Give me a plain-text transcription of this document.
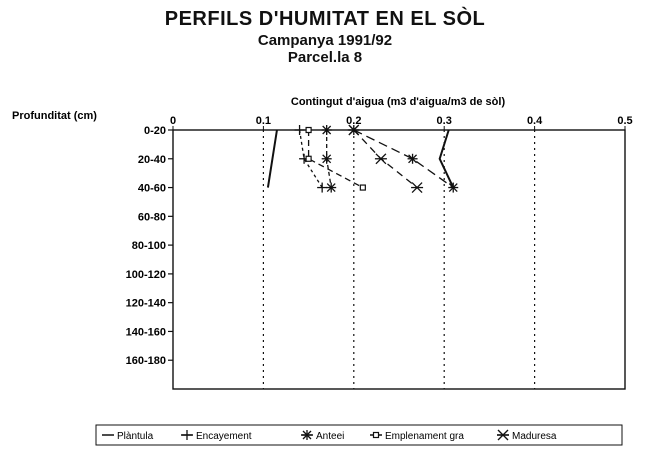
PERFILS D'HUMITAT EN EL SÒL
Campanya 1991/92
Parcel.la 8
Profunditat (cm)
Contingut d'aigua (m3 d'aigua/m3 de sòl)
0	0.1	0.2	0.3	0.4	0.5
0-20
20-40
40-60
60-80
80-100
100-120
120-140
140-160
160-180
Plàntula	Encayement	Anteei	Emplenament gra	Maduresa
